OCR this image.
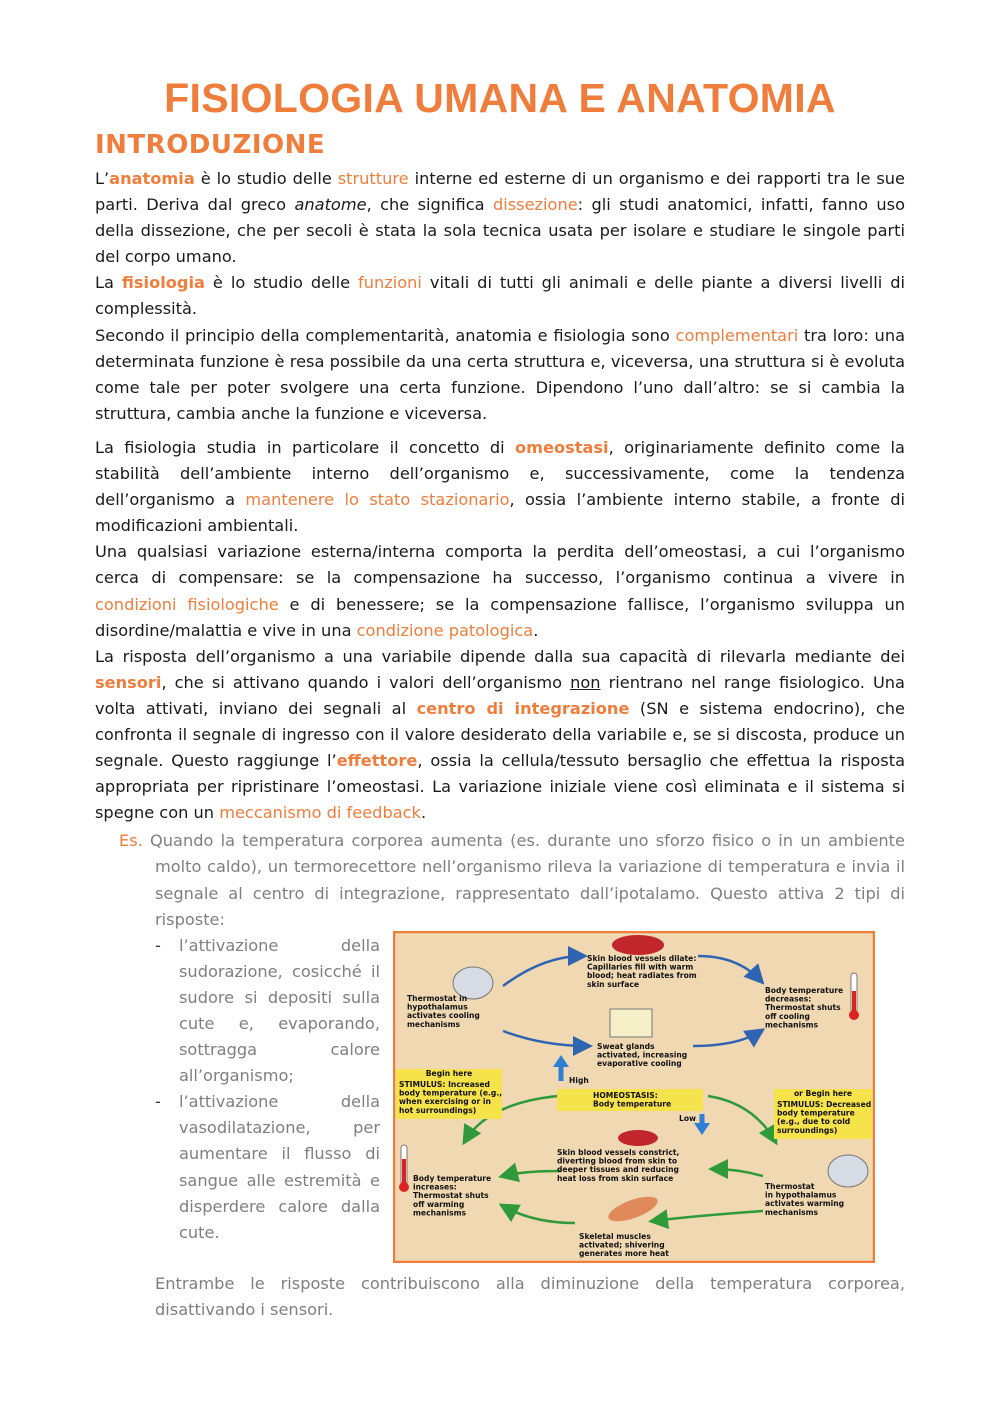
FISIOLOGIA UMANA E ANATOMIA
INTRODUZIONE

L’anatomia è lo studio delle strutture interne ed esterne di un organismo e dei rapporti tra le sue parti. Deriva dal greco anatome, che significa dissezione: gli studi anatomici, infatti, fanno uso della dissezione, che per secoli è stata la sola tecnica usata per isolare e studiare le singole parti del corpo umano.

La fisiologia è lo studio delle funzioni vitali di tutti gli animali e delle piante a diversi livelli di complessità.

Secondo il principio della complementarità, anatomia e fisiologia sono complementari tra loro: una determinata funzione è resa possibile da una certa struttura e, viceversa, una struttura si è evoluta come tale per poter svolgere una certa funzione. Dipendono l’uno dall’altro: se si cambia la struttura, cambia anche la funzione e viceversa.

La fisiologia studia in particolare il concetto di omeostasi, originariamente definito come la stabilità dell’ambiente interno dell’organismo e, successivamente, come la tendenza dell’organismo a mantenere lo stato stazionario, ossia l’ambiente interno stabile, a fronte di modificazioni ambientali.

Una qualsiasi variazione esterna/interna comporta la perdita dell’omeostasi, a cui l’organismo cerca di compensare: se la compensazione ha successo, l’organismo continua a vivere in condizioni fisiologiche e di benessere; se la compensazione fallisce, l’organismo sviluppa un disordine/malattia e vive in una condizione patologica.

La risposta dell’organismo a una variabile dipende dalla sua capacità di rilevarla mediante dei sensori, che si attivano quando i valori dell’organismo non rientrano nel range fisiologico. Una volta attivati, inviano dei segnali al centro di integrazione (SN e sistema endocrino), che confronta il segnale di ingresso con il valore desiderato della variabile e, se si discosta, produce un segnale. Questo raggiunge l’effettore, ossia la cellula/tessuto bersaglio che effettua la risposta appropriata per ripristinare l’omeostasi. La variazione iniziale viene così eliminata e il sistema si spegne con un meccanismo di feedback.

Es. Quando la temperatura corporea aumenta (es. durante uno sforzo fisico o in un ambiente molto caldo), un termorecettore nell’organismo rileva la variazione di temperatura e invia il segnale al centro di integrazione, rappresentato dall’ipotalamo. Questo attiva 2 tipi di risposte:
- l’attivazione della sudorazione, cosicché il sudore si depositi sulla cute e, evaporando, sottragga calore all’organismo;
- l’attivazione della vasodilatazione, per aumentare il flusso di sangue alle estremità e disperdere calore dalla cute.
Skin blood vessels dilate: Capillaries fill with warm blood; heat radiates from skin surface
Thermostat in hypothalamus activates cooling mechanisms
Body temperature decreases: Thermostat shuts off cooling mechanisms
Sweat glands activated, increasing evaporative cooling
Begin here
STIMULUS: Increased body temperature (e.g., when exercising or in hot surroundings)
High
HOMEOSTASIS: Body temperature
Low
or Begin here
STIMULUS: Decreased body temperature (e.g., due to cold surroundings)
Skin blood vessels constrict, diverting blood from skin to deeper tissues and reducing heat loss from skin surface
Body temperature increases: Thermostat shuts off warming mechanisms
Thermostat in hypothalamus activates warming mechanisms
Skeletal muscles activated; shivering generates more heat
Entrambe le risposte contribuiscono alla diminuzione della temperatura corporea, disattivando i sensori.
